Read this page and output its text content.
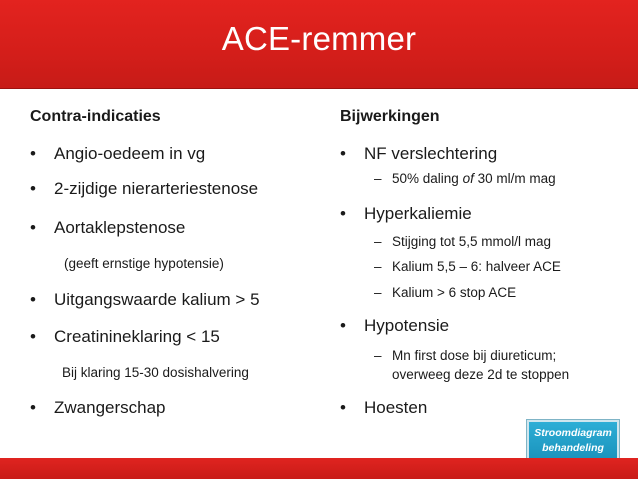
ACE-remmer
Contra-indicaties
• Angio-oedeem in vg
• 2-zijdige nierarteriestenose
• Aortaklepstenose
(geeft ernstige hypotensie)
• Uitgangswaarde kalium > 5
• Creatinineklaring < 15
Bij klaring 15-30 dosishalvering
• Zwangerschap
Bijwerkingen
• NF verslechtering
– 50% daling of 30 ml/m mag
• Hyperkaliemie
– Stijging tot 5,5 mmol/l mag
– Kalium 5,5 – 6: halveer ACE
– Kalium > 6 stop ACE
• Hypotensie
– Mn first dose bij diureticum;
overweeg deze 2d te stoppen
• Hoesten
Stroomdiagram
behandeling
